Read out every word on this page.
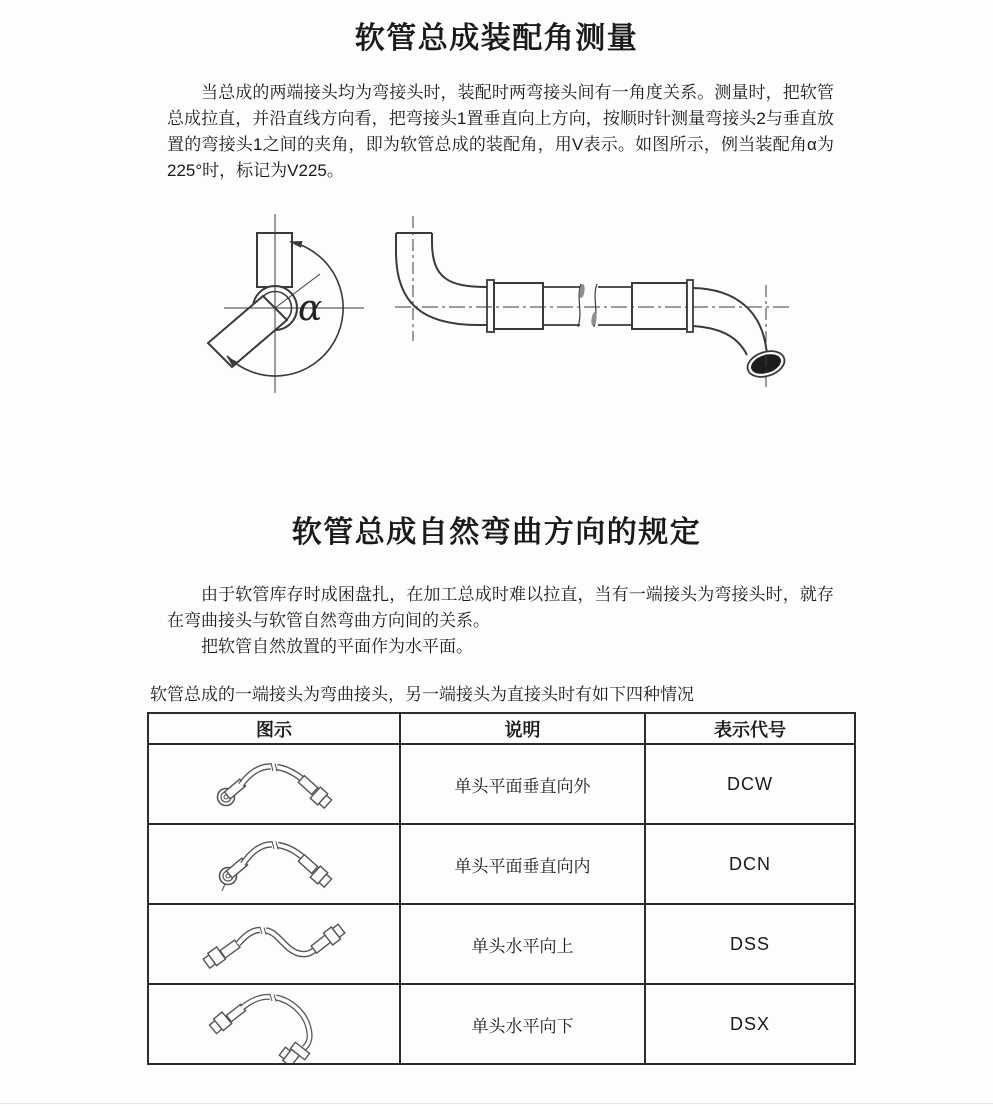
软管总成装配角测量

当总成的两端接头均为弯接头时，装配时两弯接头间有一角度关系。测量时，把软管总成拉直，并沿直线方向看，把弯接头1置垂直向上方向，按顺时针测量弯接头2与垂直放置的弯接头1之间的夹角，即为软管总成的装配角，用V表示。如图所示，例当装配角α为225°时，标记为V225。

α
软管总成自然弯曲方向的规定

由于软管库存时成困盘扎，在加工总成时难以拉直，当有一端接头为弯接头时，就存在弯曲接头与软管自然弯曲方向间的关系。

把软管自然放置的平面作为水平面。

软管总成的一端接头为弯曲接头，另一端接头为直接头时有如下四种情况

图示	说明	表示代号

	单头平面垂直向外	DCW

	单头平面垂直向内	DCN

	单头水平向上	DSS

	单头水平向下	DSX
